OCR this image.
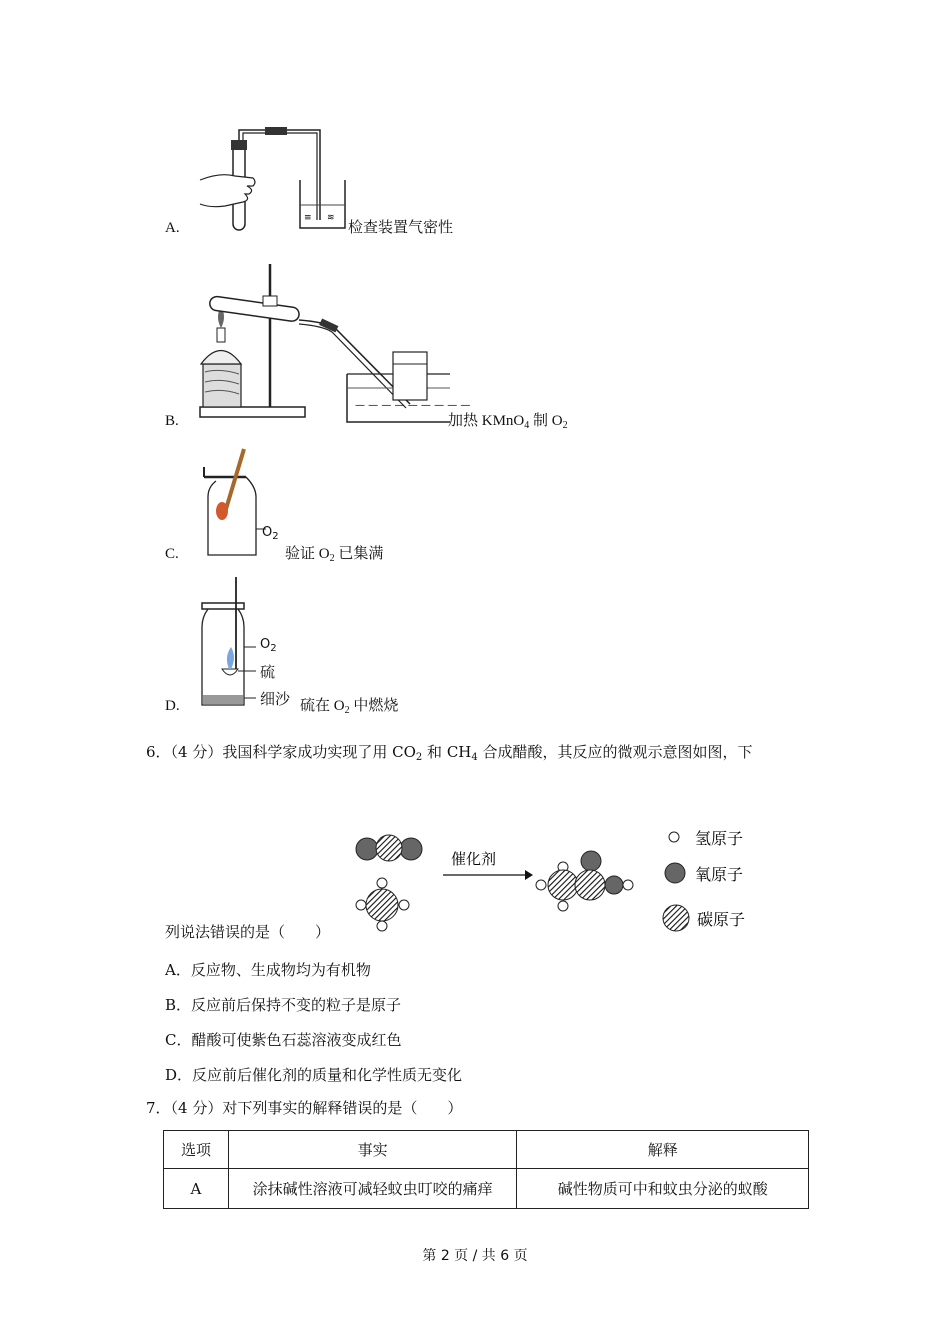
A.
≡ ≋
检查装置气密性
B.
— — — — — — — — —
加热 KMnO$_4$ 制 $O_2$
C.
$O_2$
验证 $O_2$ 已集满
D.
$O_2$
硫
细沙 硫在 $O_2$ 中燃烧
6．（4 分）我国科学家成功实现了用 $CO_2$ 和 $CH_4$ 合成醋酸，其反应的微观示意图如图，下
催化剂
氢原子
氧原子
碳原子
列说法错误的是（　　）
A．反应物、生成物均为有机物
B．反应前后保持不变的粒子是原子
C．醋酸可使紫色石蕊溶液变成红色
D．反应前后催化剂的质量和化学性质无变化
7．（4 分）对下列事实的解释错误的是（　　）
选项	事实	解释
A	涂抹碱性溶液可减轻蚊虫叮咬的痛痒	碱性物质可中和蚊虫分泌的蚁酸
第 2 页 / 共 6 页
